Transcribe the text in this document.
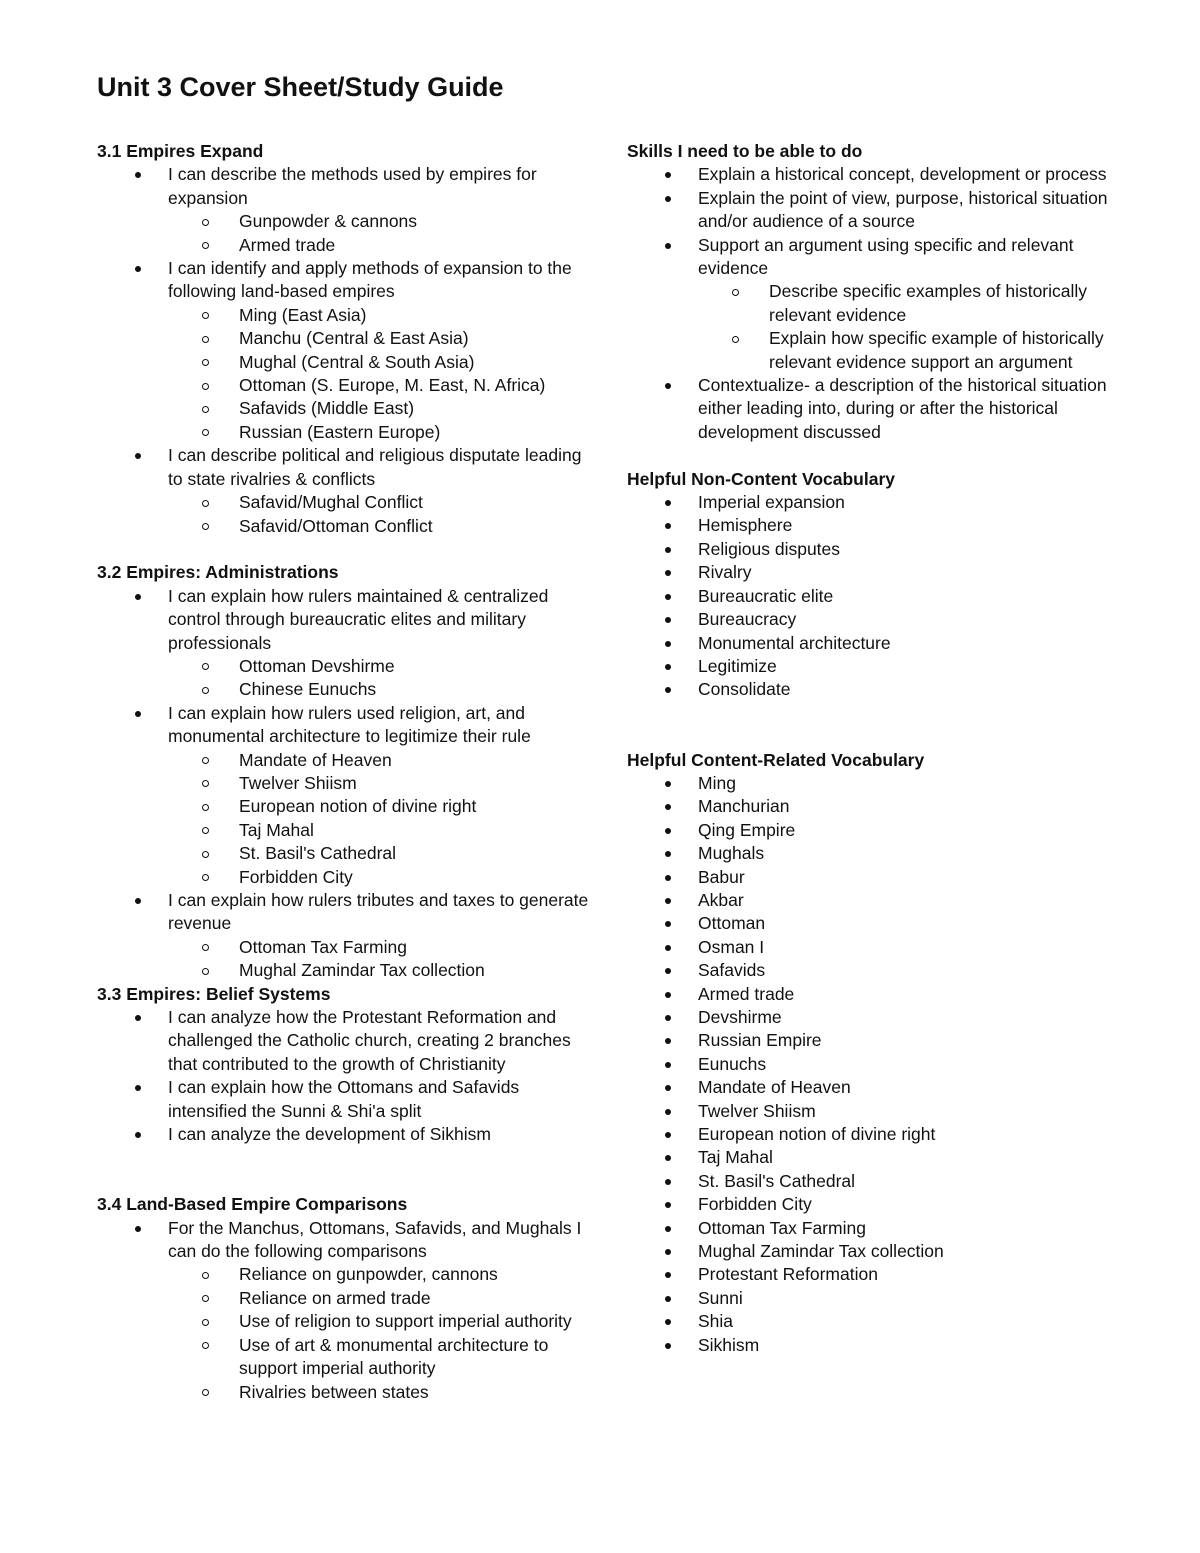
Unit 3 Cover Sheet/Study Guide
3.1 Empires Expand
I can describe the methods used by empires for expansion
Gunpowder & cannons
Armed trade
I can identify and apply methods of expansion to the following land-based empires
Ming (East Asia)
Manchu (Central & East Asia)
Mughal (Central & South Asia)
Ottoman (S. Europe, M. East, N. Africa)
Safavids (Middle East)
Russian (Eastern Europe)
I can describe political and religious disputate leading to state rivalries & conflicts
Safavid/Mughal Conflict
Safavid/Ottoman Conflict
3.2 Empires: Administrations
I can explain how rulers maintained & centralized control through bureaucratic elites and military professionals
Ottoman Devshirme
Chinese Eunuchs
I can explain how rulers used religion, art, and monumental architecture to legitimize their rule
Mandate of Heaven
Twelver Shiism
European notion of divine right
Taj Mahal
St. Basil's Cathedral
Forbidden City
I can explain how rulers tributes and taxes to generate revenue
Ottoman Tax Farming
Mughal Zamindar Tax collection
3.3 Empires: Belief Systems
I can analyze how the Protestant Reformation and challenged the Catholic church, creating 2 branches that contributed to the growth of Christianity
I can explain how the Ottomans and Safavids intensified the Sunni & Shi'a split
I can analyze the development of Sikhism
3.4 Land-Based Empire Comparisons
For the Manchus, Ottomans, Safavids, and Mughals I can do the following comparisons
Reliance on gunpowder, cannons
Reliance on armed trade
Use of religion to support imperial authority
Use of art & monumental architecture to support imperial authority
Rivalries between states
Skills I need to be able to do
Explain a historical concept, development or process
Explain the point of view, purpose, historical situation and/or audience of a source
Support an argument using specific and relevant evidence
Describe specific examples of historically relevant evidence
Explain how specific example of historically relevant evidence support an argument
Contextualize- a description of the historical situation either leading into, during or after the historical development discussed
Helpful Non-Content Vocabulary
Imperial expansion
Hemisphere
Religious disputes
Rivalry
Bureaucratic elite
Bureaucracy
Monumental architecture
Legitimize
Consolidate
Helpful Content-Related Vocabulary
Ming
Manchurian
Qing Empire
Mughals
Babur
Akbar
Ottoman
Osman I
Safavids
Armed trade
Devshirme
Russian Empire
Eunuchs
Mandate of Heaven
Twelver Shiism
European notion of divine right
Taj Mahal
St. Basil's Cathedral
Forbidden City
Ottoman Tax Farming
Mughal Zamindar Tax collection
Protestant Reformation
Sunni
Shia
Sikhism
